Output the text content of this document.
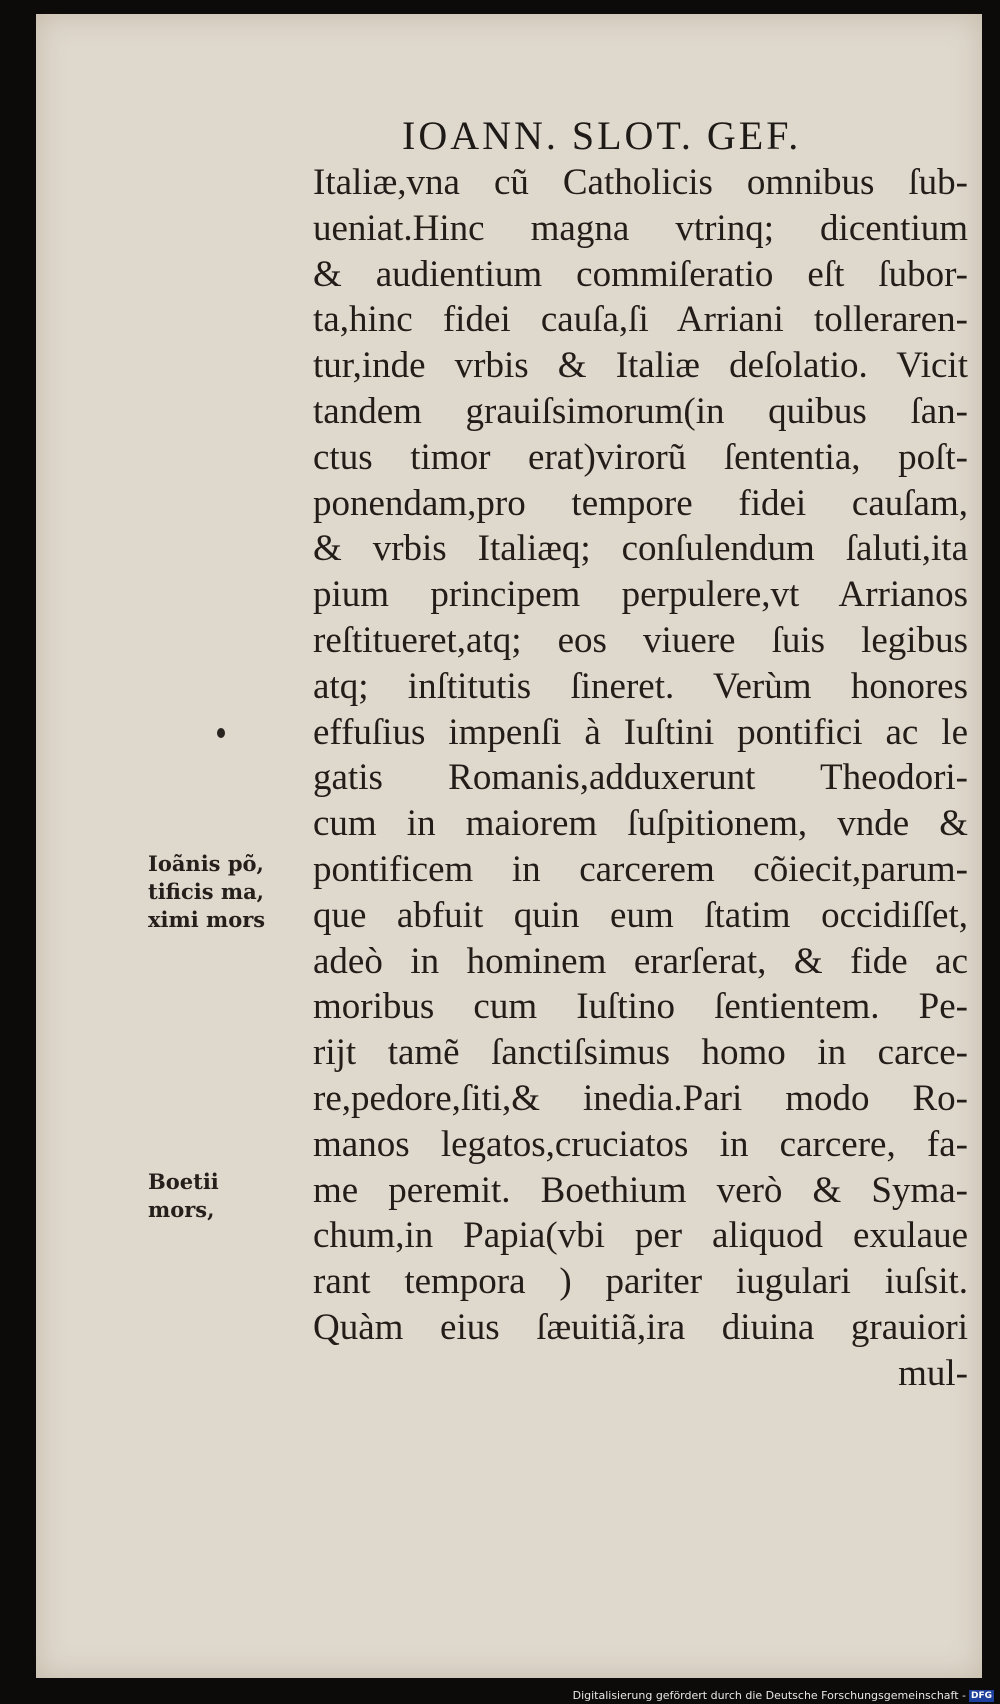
IOANN. SLOT. GEF.
Italiæ,vna cũ Catholicis omnibus ſub-
ueniat.Hinc magna vtrinq; dicentium
& audientium commiſeratio eſt ſubor-
ta,hinc fidei cauſa,ſi Arriani tolleraren-
tur,inde vrbis & Italiæ deſolatio. Vicit
tandem grauiſsimorum(in quibus ſan-
ctus timor erat)virorũ ſententia, poſt-
ponendam,pro tempore fidei cauſam,
& vrbis Italiæq; conſulendum ſaluti,ita
pium principem perpulere,vt Arrianos
reſtitueret,atq; eos viuere ſuis legibus
atq; inſtitutis ſineret. Verùm honores
effuſius impenſi à Iuſtini pontifici ac le
gatis Romanis,adduxerunt Theodori-
cum in maiorem ſuſpitionem, vnde &
pontificem in carcerem cõiecit,parum-
que abfuit quin eum ſtatim occidiſſet,
adeò in hominem erarſerat, & fide ac
moribus cum Iuſtino ſentientem. Pe-
rijt tamẽ ſanctiſsimus homo in carce-
re,pedore,ſiti,& inedia.Pari modo Ro-
manos legatos,cruciatos in carcere, fa-
me peremit. Boethium verò & Syma-
chum,in Papia(vbi per aliquod exulaue
rant tempora ) pariter iugulari iuſsit.
Quàm eius ſæuitiã,ira diuina grauiori
mul-
Ioãnis põ,
tificis ma,
ximi mors
Boetii
mors,
Digitalisierung gefördert durch die Deutsche Forschungsgemeinschaft - DFG
